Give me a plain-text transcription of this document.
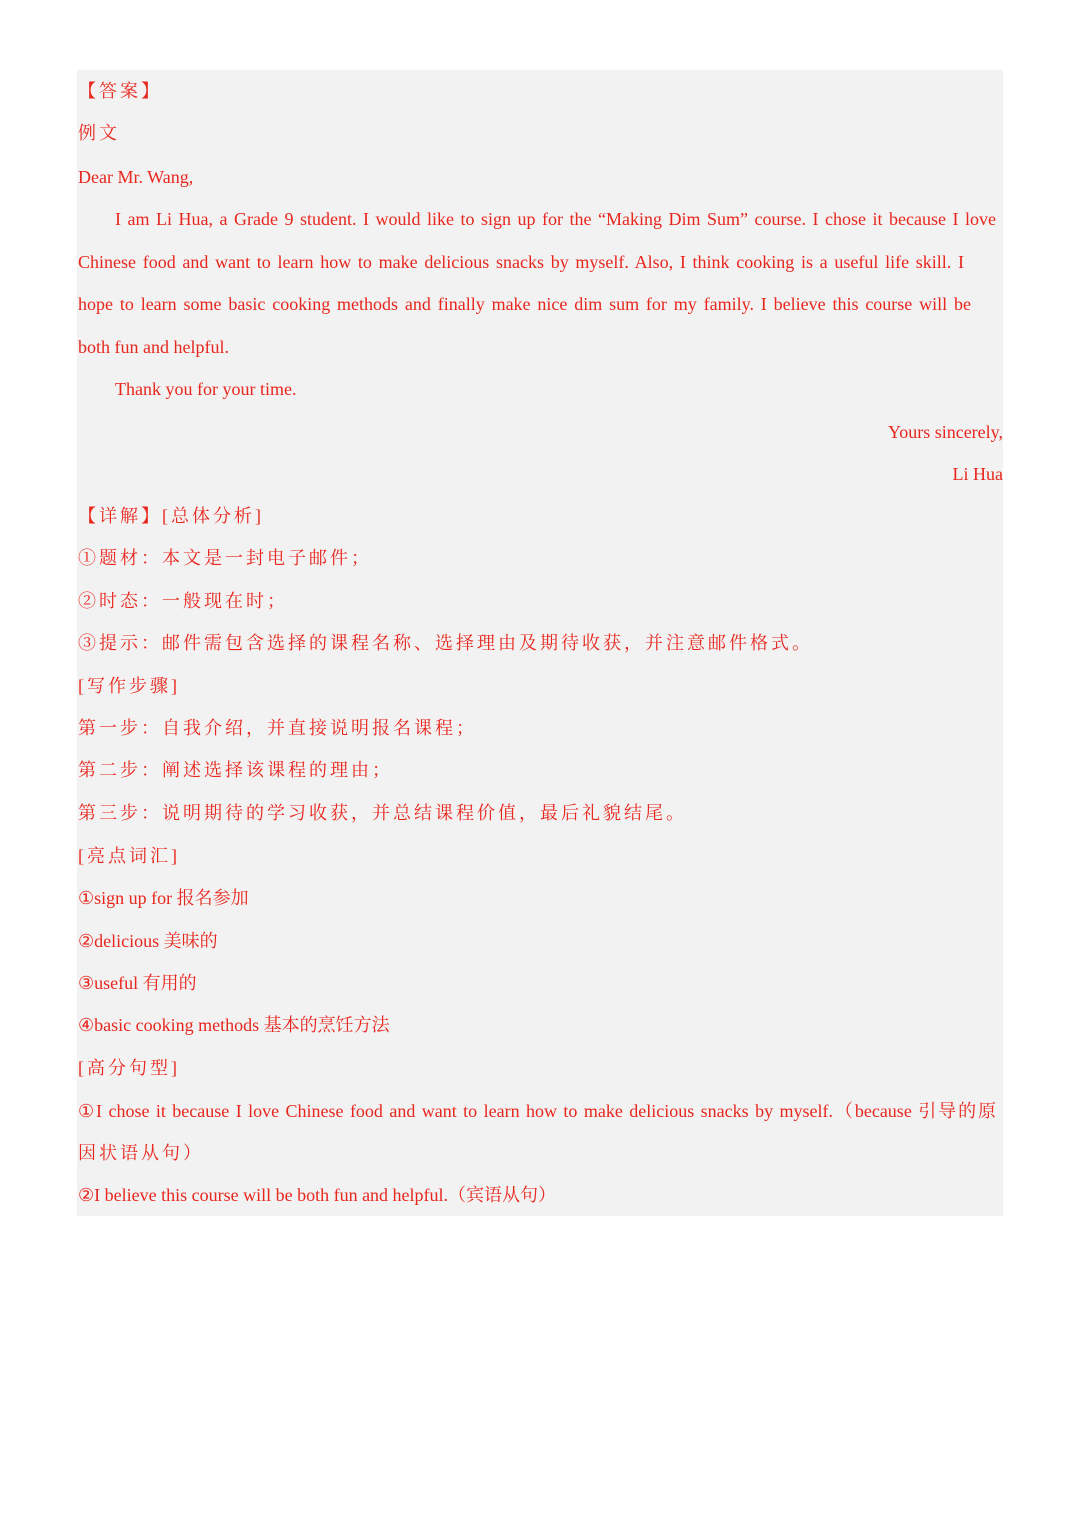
【答案】
例文
Dear Mr. Wang,
I am Li Hua, a Grade 9 student. I would like to sign up for the “Making Dim Sum” course. I chose it because I love
Chinese food and want to learn how to make delicious snacks by myself. Also, I think cooking is a useful life skill. I
hope to learn some basic cooking methods and finally make nice dim sum for my family. I believe this course will be
both fun and helpful.
Thank you for your time.
Yours sincerely,
Li Hua
【详解】[总体分析]
①题材：本文是一封电子邮件；
②时态：一般现在时；
③提示：邮件需包含选择的课程名称、选择理由及期待收获，并注意邮件格式。
[写作步骤]
第一步：自我介绍，并直接说明报名课程；
第二步：阐述选择该课程的理由；
第三步：说明期待的学习收获，并总结课程价值，最后礼貌结尾。
[亮点词汇]
①sign up for 报名参加
②delicious 美味的
③useful 有用的
④basic cooking methods 基本的烹饪方法
[高分句型]
①I chose it because I love Chinese food and want to learn how to make delicious snacks by myself.（because 引导的原
因状语从句）
②I believe this course will be both fun and helpful.（宾语从句）
